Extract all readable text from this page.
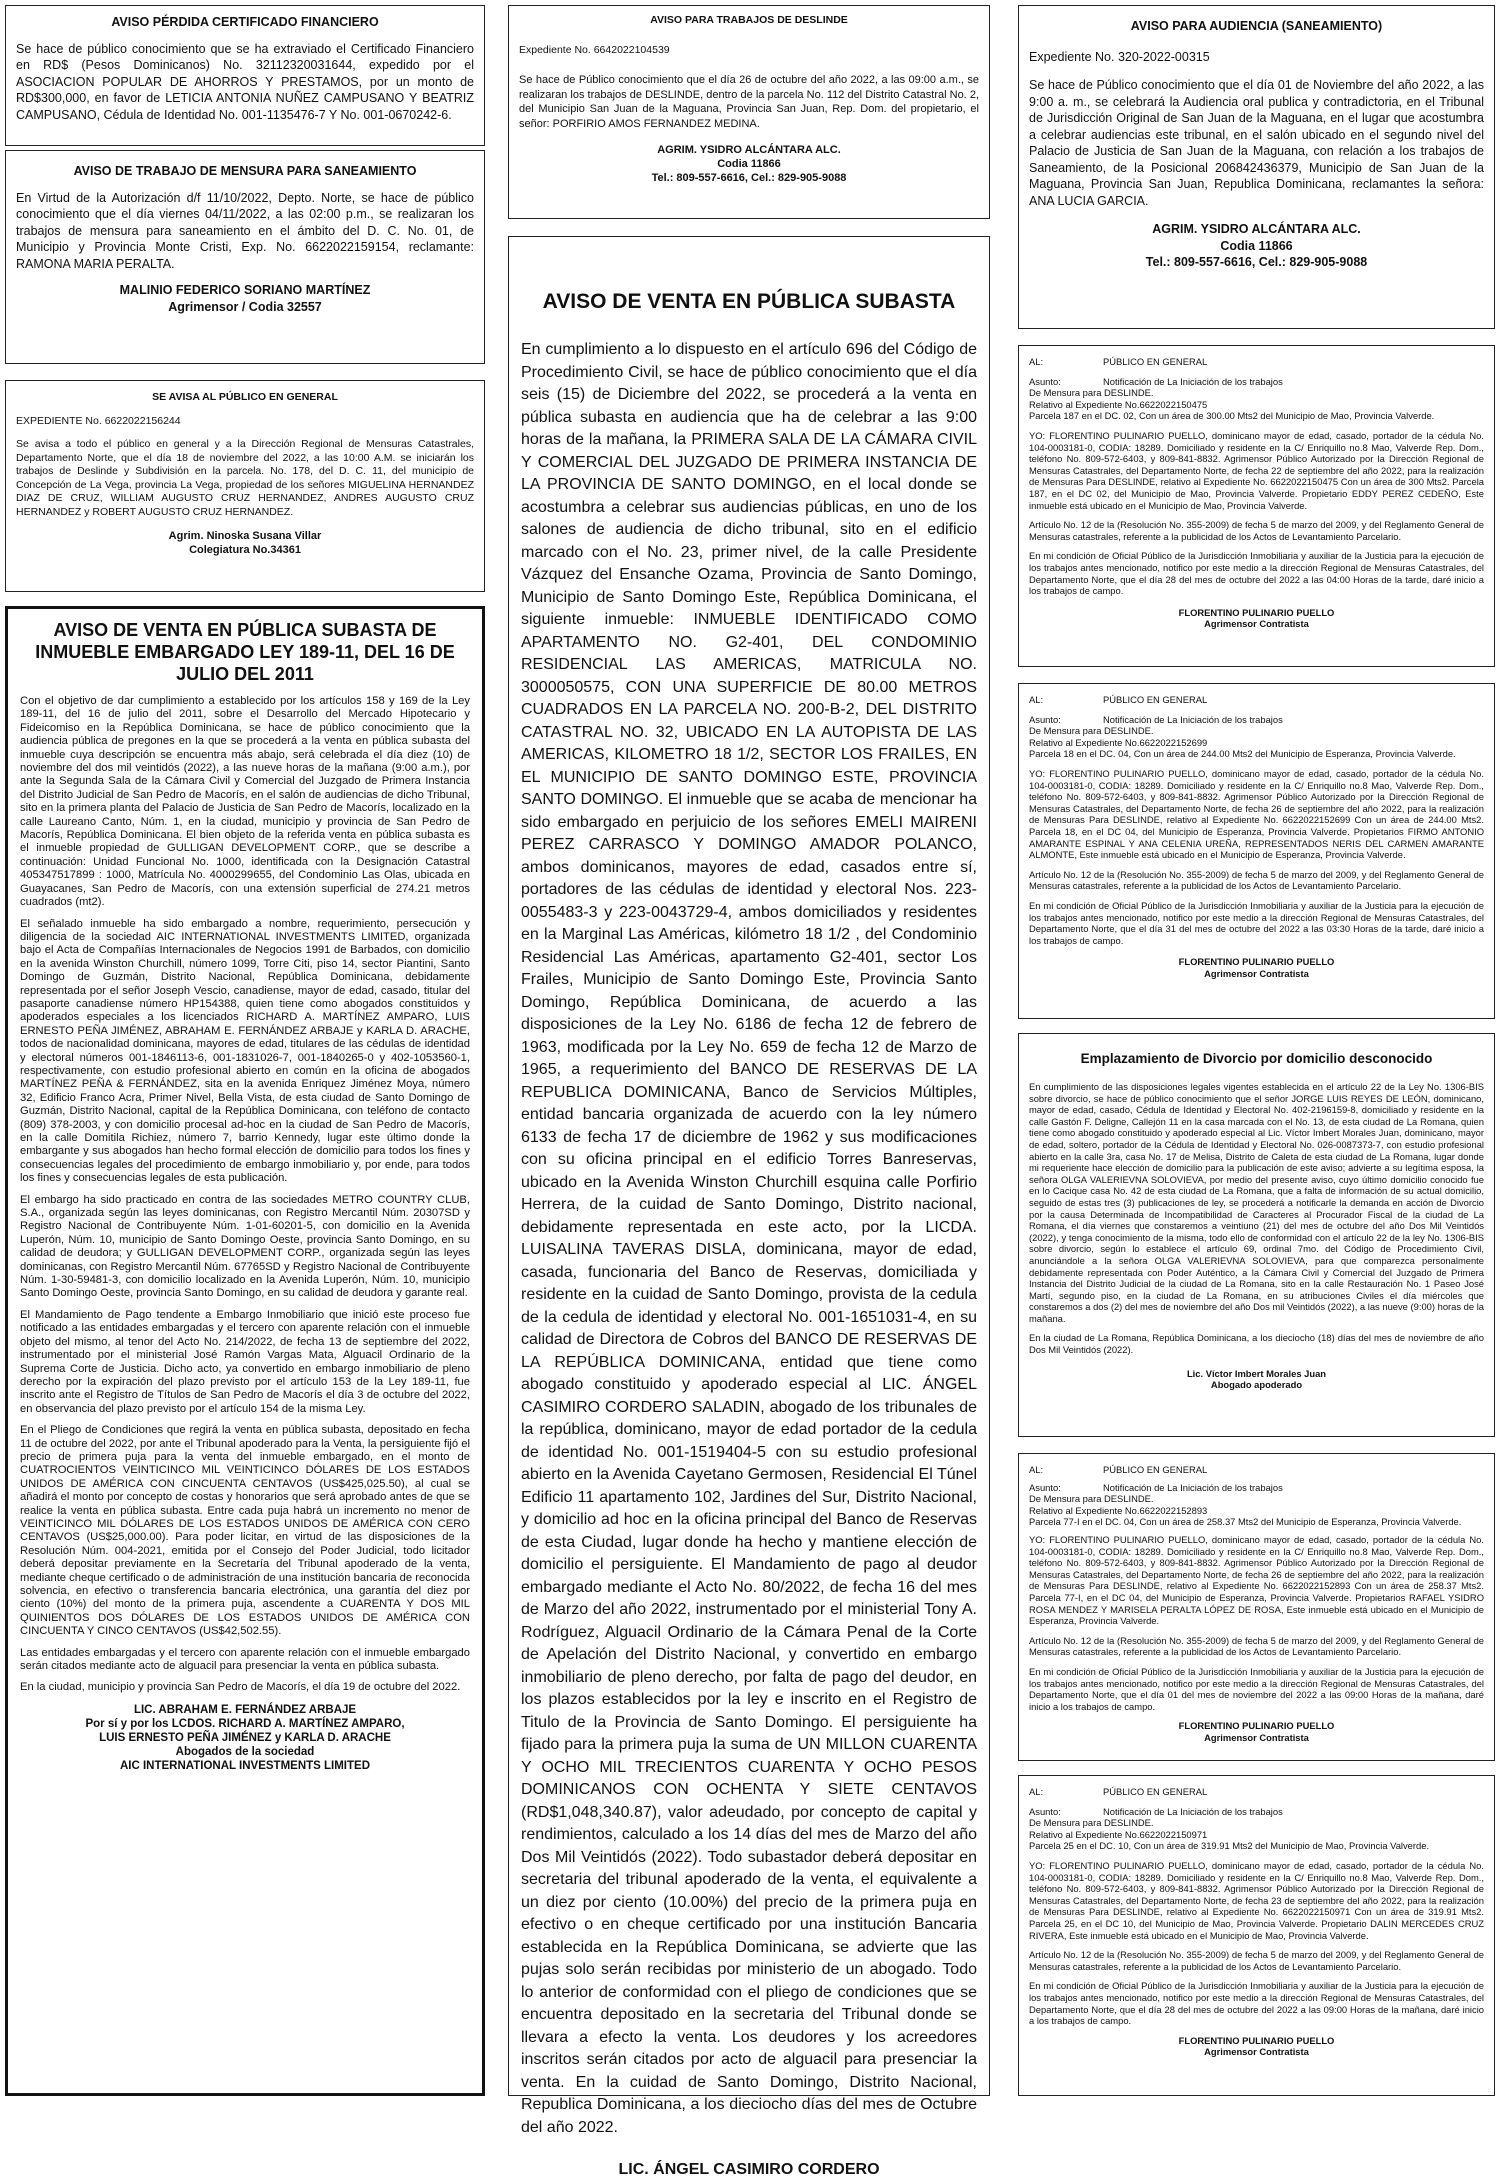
AVISO PÉRDIDA CERTIFICADO FINANCIERO

Se hace de público conocimiento que se ha extraviado el Certificado Financiero en RD$ (Pesos Dominicanos) No. 32112320031644, expedido por el ASOCIACION POPULAR DE AHORROS Y PRESTAMOS, por un monto de RD$300,000, en favor de LETICIA ANTONIA NUÑEZ CAMPUSANO Y BEATRIZ CAMPUSANO, Cédula de Identidad No. 001-1135476-7 Y No. 001-0670242-6.

AVISO DE TRABAJO DE MENSURA PARA SANEAMIENTO

En Virtud de la Autorización d/f 11/10/2022, Depto. Norte, se hace de público conocimiento que el día viernes 04/11/2022, a las 02:00 p.m., se realizaran los trabajos de mensura para saneamiento en el ámbito del D. C. No. 01, de Municipio y Provincia Monte Cristi, Exp. No. 6622022159154, reclamante: RAMONA MARIA PERALTA.

MALINIO FEDERICO SORIANO MARTÍNEZ
Agrimensor / Codia 32557
SE AVISA AL PÚBLICO EN GENERAL

EXPEDIENTE No. 6622022156244

Se avisa a todo el público en general y a la Dirección Regional de Mensuras Catastrales, Departamento Norte, que el día 18 de noviembre del 2022, a las 10:00 A.M. se iniciarán los trabajos de Deslinde y Subdivisión en la parcela. No. 178, del D. C. 11, del municipio de Concepción de La Vega, provincia La Vega, propiedad de los señores MIGUELINA HERNANDEZ DIAZ DE CRUZ, WILLIAM AUGUSTO CRUZ HERNANDEZ, ANDRES AUGUSTO CRUZ HERNANDEZ y ROBERT AUGUSTO CRUZ HERNANDEZ.

Agrim. Ninoska Susana Villar
Colegiatura No.34361
AVISO DE VENTA EN PÚBLICA SUBASTA DE INMUEBLE EMBARGADO LEY 189-11, DEL 16 DE JULIO DEL 2011

Con el objetivo de dar cumplimiento a establecido por los artículos 158 y 169 de la Ley 189-11, del 16 de julio del 2011, sobre el Desarrollo del Mercado Hipotecario y Fideicomiso en la República Dominicana, se hace de público conocimiento que la audiencia pública de pregones en la que se procederá a la venta en pública subasta del inmueble cuya descripción se encuentra más abajo, será celebrada el día diez (10) de noviembre del dos mil veintidós (2022), a las nueve horas de la mañana (9:00 a.m.), por ante la Segunda Sala de la Cámara Civil y Comercial del Juzgado de Primera Instancia del Distrito Judicial de San Pedro de Macorís, en el salón de audiencias de dicho Tribunal, sito en la primera planta del Palacio de Justicia de San Pedro de Macorís, localizado en la calle Laureano Canto, Núm. 1, en la ciudad, municipio y provincia de San Pedro de Macorís, República Dominicana. El bien objeto de la referida venta en pública subasta es el inmueble propiedad de GULLIGAN DEVELOPMENT CORP., que se describe a continuación: Unidad Funcional No. 1000, identificada con la Designación Catastral 405347517899 : 1000, Matrícula No. 4000299655, del Condominio Las Olas, ubicada en Guayacanes, San Pedro de Macorís, con una extensión superficial de 274.21 metros cuadrados (mt2).

El señalado inmueble ha sido embargado a nombre, requerimiento, persecución y diligencia de la sociedad AIC INTERNATIONAL INVESTMENTS LIMITED, organizada bajo el Acta de Compañías Internacionales de Negocios 1991 de Barbados, con domicilio en la avenida Winston Churchill, número 1099, Torre Citi, piso 14, sector Piantini, Santo Domingo de Guzmán, Distrito Nacional, República Dominicana, debidamente representada por el señor Joseph Vescio, canadiense, mayor de edad, casado, titular del pasaporte canadiense número HP154388, quien tiene como abogados constituidos y apoderados especiales a los licenciados RICHARD A. MARTÍNEZ AMPARO, LUIS ERNESTO PEÑA JIMÉNEZ, ABRAHAM E. FERNÁNDEZ ARBAJE y KARLA D. ARACHE, todos de nacionalidad dominicana, mayores de edad, titulares de las cédulas de identidad y electoral números 001-1846113-6, 001-1831026-7, 001-1840265-0 y 402-1053560-1, respectivamente, con estudio profesional abierto en común en la oficina de abogados MARTÍNEZ PEÑA & FERNÁNDEZ, sita en la avenida Enriquez Jiménez Moya, número 32, Edificio Franco Acra, Primer Nivel, Bella Vista, de esta ciudad de Santo Domingo de Guzmán, Distrito Nacional, capital de la República Dominicana, con teléfono de contacto (809) 378-2003, y con domicilio procesal ad-hoc en la ciudad de San Pedro de Macorís, en la calle Domitila Richiez, número 7, barrio Kennedy, lugar este último donde la embargante y sus abogados han hecho formal elección de domicilio para todos los fines y consecuencias legales del procedimiento de embargo inmobiliario y, por ende, para todos los fines y consecuencias legales de esta publicación.

El embargo ha sido practicado en contra de las sociedades METRO COUNTRY CLUB, S.A., organizada según las leyes dominicanas, con Registro Mercantil Núm. 20307SD y Registro Nacional de Contribuyente Núm. 1-01-60201-5, con domicilio en la Avenida Luperón, Núm. 10, municipio de Santo Domingo Oeste, provincia Santo Domingo, en su calidad de deudora; y GULLIGAN DEVELOPMENT CORP., organizada según las leyes dominicanas, con Registro Mercantil Núm. 67765SD y Registro Nacional de Contribuyente Núm. 1-30-59481-3, con domicilio localizado en la Avenida Luperón, Núm. 10, municipio Santo Domingo Oeste, provincia Santo Domingo, en su calidad de deudora y garante real.

El Mandamiento de Pago tendente a Embargo Inmobiliario que inició este proceso fue notificado a las entidades embargadas y el tercero con aparente relación con el inmueble objeto del mismo, al tenor del Acto No. 214/2022, de fecha 13 de septiembre del 2022, instrumentado por el ministerial José Ramón Vargas Mata, Alguacil Ordinario de la Suprema Corte de Justicia. Dicho acto, ya convertido en embargo inmobiliario de pleno derecho por la expiración del plazo previsto por el artículo 153 de la Ley 189-11, fue inscrito ante el Registro de Títulos de San Pedro de Macorís el día 3 de octubre del 2022, en observancia del plazo previsto por el artículo 154 de la misma Ley.

En el Pliego de Condiciones que regirá la venta en pública subasta, depositado en fecha 11 de octubre del 2022, por ante el Tribunal apoderado para la Venta, la persiguiente fijó el precio de primera puja para la venta del inmueble embargado, en el monto de CUATROCIENTOS VEINTICINCO MIL VEINTICINCO DÓLARES DE LOS ESTADOS UNIDOS DE AMÉRICA CON CINCUENTA CENTAVOS (US$425,025.50), al cual se añadirá el monto por concepto de costas y honorarios que será aprobado antes de que se realice la venta en pública subasta. Entre cada puja habrá un incremento no menor de VEINTICINCO MIL DÓLARES DE LOS ESTADOS UNIDOS DE AMÉRICA CON CERO CENTAVOS (US$25,000.00). Para poder licitar, en virtud de las disposiciones de la Resolución Núm. 004-2021, emitida por el Consejo del Poder Judicial, todo licitador deberá depositar previamente en la Secretaría del Tribunal apoderado de la venta, mediante cheque certificado o de administración de una institución bancaria de reconocida solvencia, en efectivo o transferencia bancaria electrónica, una garantía del diez por ciento (10%) del monto de la primera puja, ascendente a CUARENTA Y DOS MIL QUINIENTOS DOS DÓLARES DE LOS ESTADOS UNIDOS DE AMÉRICA CON CINCUENTA Y CINCO CENTAVOS (US$42,502.55).

Las entidades embargadas y el tercero con aparente relación con el inmueble embargado serán citados mediante acto de alguacil para presenciar la venta en pública subasta.

En la ciudad, municipio y provincia San Pedro de Macorís, el día 19 de octubre del 2022.

LIC. ABRAHAM E. FERNÁNDEZ ARBAJE
Por sí y por los LCDOS. RICHARD A. MARTÍNEZ AMPARO,
LUIS ERNESTO PEÑA JIMÉNEZ y KARLA D. ARACHE
Abogados de la sociedad
AIC INTERNATIONAL INVESTMENTS LIMITED
AVISO PARA TRABAJOS DE DESLINDE

Expediente No. 6642022104539

Se hace de Público conocimiento que el día 26 de octubre del año 2022, a las 09:00 a.m., se realizaran los trabajos de DESLINDE, dentro de la parcela No. 112 del Distrito Catastral No. 2, del Municipio San Juan de la Maguana, Provincia San Juan, Rep. Dom. del propietario, el señor: PORFIRIO AMOS FERNANDEZ MEDINA.

AGRIM. YSIDRO ALCÁNTARA ALC.
Codia 11866
Tel.: 809-557-6616, Cel.: 829-905-9088
AVISO DE VENTA EN PÚBLICA SUBASTA

En cumplimiento a lo dispuesto en el artículo 696 del Código de Procedimiento Civil, se hace de público conocimiento que el día seis (15) de Diciembre del 2022, se procederá a la venta en pública subasta en audiencia que ha de celebrar a las 9:00 horas de la mañana, la PRIMERA SALA DE LA CÁMARA CIVIL Y COMERCIAL DEL JUZGADO DE PRIMERA INSTANCIA DE LA PROVINCIA DE SANTO DOMINGO, en el local donde se acostumbra a celebrar sus audiencias públicas, en uno de los salones de audiencia de dicho tribunal, sito en el edificio marcado con el No. 23, primer nivel, de la calle Presidente Vázquez del Ensanche Ozama, Provincia de Santo Domingo, Municipio de Santo Domingo Este, República Dominicana, el siguiente inmueble: INMUEBLE IDENTIFICADO COMO APARTAMENTO NO. G2-401, DEL CONDOMINIO RESIDENCIAL LAS AMERICAS, MATRICULA NO. 3000050575, CON UNA SUPERFICIE DE 80.00 METROS CUADRADOS EN LA PARCELA NO. 200-B-2, DEL DISTRITO CATASTRAL NO. 32, UBICADO EN LA AUTOPISTA DE LAS AMERICAS, KILOMETRO 18 1/2, SECTOR LOS FRAILES, EN EL MUNICIPIO DE SANTO DOMINGO ESTE, PROVINCIA SANTO DOMINGO. El inmueble que se acaba de mencionar ha sido embargado en perjuicio de los señores EMELI MAIRENI PEREZ CARRASCO Y DOMINGO AMADOR POLANCO, ambos dominicanos, mayores de edad, casados entre sí, portadores de las cédulas de identidad y electoral Nos. 223-0055483-3 y 223-0043729-4, ambos domiciliados y residentes en la Marginal Las Américas, kilómetro 18 1/2 , del Condominio Residencial Las Américas, apartamento G2-401, sector Los Frailes, Municipio de Santo Domingo Este, Provincia Santo Domingo, República Dominicana, de acuerdo a las disposiciones de la Ley No. 6186 de fecha 12 de febrero de 1963, modificada por la Ley No. 659 de fecha 12 de Marzo de 1965, a requerimiento del BANCO DE RESERVAS DE LA REPUBLICA DOMINICANA, Banco de Servicios Múltiples, entidad bancaria organizada de acuerdo con la ley número 6133 de fecha 17 de diciembre de 1962 y sus modificaciones con su oficina principal en el edificio Torres Banreservas, ubicado en la Avenida Winston Churchill esquina calle Porfirio Herrera, de la cuidad de Santo Domingo, Distrito nacional, debidamente representada en este acto, por la LICDA. LUISALINA TAVERAS DISLA, dominicana, mayor de edad, casada, funcionaria del Banco de Reservas, domiciliada y residente en la cuidad de Santo Domingo, provista de la cedula de la cedula de identidad y electoral No. 001-1651031-4, en su calidad de Directora de Cobros del BANCO DE RESERVAS DE LA REPÚBLICA DOMINICANA, entidad que tiene como abogado constituido y apoderado especial al LIC. ÁNGEL CASIMIRO CORDERO SALADIN, abogado de los tribunales de la república, dominicano, mayor de edad portador de la cedula de identidad No. 001-1519404-5 con su estudio profesional abierto en la Avenida Cayetano Germosen, Residencial El Túnel Edificio 11 apartamento 102, Jardines del Sur, Distrito Nacional, y domicilio ad hoc en la oficina principal del Banco de Reservas de esta Ciudad, lugar donde ha hecho y mantiene elección de domicilio el persiguiente. El Mandamiento de pago al deudor embargado mediante el Acto No. 80/2022, de fecha 16 del mes de Marzo del año 2022, instrumentado por el ministerial Tony A. Rodríguez, Alguacil Ordinario de la Cámara Penal de la Corte de Apelación del Distrito Nacional, y convertido en embargo inmobiliario de pleno derecho, por falta de pago del deudor, en los plazos establecidos por la ley e inscrito en el Registro de Titulo de la Provincia de Santo Domingo. El persiguiente ha fijado para la primera puja la suma de UN MILLON CUARENTA Y OCHO MIL TRECIENTOS CUARENTA Y OCHO PESOS DOMINICANOS CON OCHENTA Y SIETE CENTAVOS (RD$1,048,340.87), valor adeudado, por concepto de capital y rendimientos, calculado a los 14 días del mes de Marzo del año Dos Mil Veintidós (2022). Todo subastador deberá depositar en secretaria del tribunal apoderado de la venta, el equivalente a un diez por ciento (10.00%) del precio de la primera puja en efectivo o en cheque certificado por una institución Bancaria establecida en la República Dominicana, se advierte que las pujas solo serán recibidas por ministerio de un abogado. Todo lo anterior de conformidad con el pliego de condiciones que se encuentra depositado en la secretaria del Tribunal donde se llevara a efecto la venta. Los deudores y los acreedores inscritos serán citados por acto de alguacil para presenciar la venta. En la cuidad de Santo Domingo, Distrito Nacional, Republica Dominicana, a los dieciocho días del mes de Octubre del año 2022.

LIC. ÁNGEL CASIMIRO CORDERO
AVISO PARA AUDIENCIA (SANEAMIENTO)

Expediente No. 320-2022-00315

Se hace de Público conocimiento que el día 01 de Noviembre del año 2022, a las 9:00 a. m., se celebrará la Audiencia oral publica y contradictoria, en el Tribunal de Jurisdicción Original de San Juan de la Maguana, en el lugar que acostumbra a celebrar audiencias este tribunal, en el salón ubicado en el segundo nivel del Palacio de Justicia de San Juan de la Maguana, con relación a los trabajos de Saneamiento, de la Posicional 206842436379, Municipio de San Juan de la Maguana, Provincia San Juan, Republica Dominicana, reclamantes la señora: ANA LUCIA GARCIA.

AGRIM. YSIDRO ALCÁNTARA ALC.
Codia 11866
Tel.: 809-557-6616, Cel.: 829-905-9088
AL:	PÚBLICO EN GENERAL
Asunto:	Notificación de La Iniciación de los trabajos
De Mensura para DESLINDE.
Relativo al Expediente No.6622022150475
Parcela 187 en el DC. 02, Con un área de 300.00 Mts2 del Municipio de Mao, Provincia Valverde.

YO: FLORENTINO PULINARIO PUELLO, dominicano mayor de edad, casado, portador de la cédula No. 104-0003181-0, CODIA: 18289. Domiciliado y residente en la C/ Enriquillo no.8 Mao, Valverde Rep. Dom., teléfono No. 809-572-6403, y 809-841-8832. Agrimensor Público Autorizado por la Dirección Regional de Mensuras Catastrales, del Departamento Norte, de fecha 22 de septiembre del año 2022, para la realización de Mensuras Para DESLINDE, relativo al Expediente No. 6622022150475 Con un área de 300 Mts2. Parcela 187, en el DC 02, del Municipio de Mao, Provincia Valverde. Propietario EDDY PEREZ CEDEÑO, Este inmueble está ubicado en el Municipio de Mao, Provincia Valverde.

Artículo No. 12 de la (Resolución No. 355-2009) de fecha 5 de marzo del 2009, y del Reglamento General de Mensuras catastrales, referente a la publicidad de los Actos de Levantamiento Parcelario.

En mi condición de Oficial Público de la Jurisdicción Inmobiliaria y auxiliar de la Justicia para la ejecución de los trabajos antes mencionado, notifico por este medio a la dirección Regional de Mensuras Catastrales, del Departamento Norte, que el día 28 del mes de octubre del 2022 a las 04:00 Horas de la tarde, daré inicio a los trabajos de campo.

FLORENTINO PULINARIO PUELLO
Agrimensor Contratista
AL:	PÚBLICO EN GENERAL
Asunto:	Notificación de La Iniciación de los trabajos
De Mensura para DESLINDE.
Relativo al Expediente No.6622022152699
Parcela 18 en el DC. 04, Con un área de 244.00 Mts2 del Municipio de Esperanza, Provincia Valverde.

YO: FLORENTINO PULINARIO PUELLO, dominicano mayor de edad, casado, portador de la cédula No. 104-0003181-0, CODIA: 18289. Domiciliado y residente en la C/ Enriquillo no.8 Mao, Valverde Rep. Dom., teléfono No. 809-572-6403, y 809-841-8832. Agrimensor Público Autorizado por la Dirección Regional de Mensuras Catastrales, del Departamento Norte, de fecha 26 de septiembre del año 2022, para la realización de Mensuras Para DESLINDE, relativo al Expediente No. 6622022152699 Con un área de 244.00 Mts2. Parcela 18, en el DC 04, del Municipio de Esperanza, Provincia Valverde. Propietarios FIRMO ANTONIO AMARANTE ESPINAL Y ANA CELENIA UREÑA, REPRESENTADOS NERIS DEL CARMEN AMARANTE ALMONTE, Este inmueble está ubicado en el Municipio de Esperanza, Provincia Valverde.

Artículo No. 12 de la (Resolución No. 355-2009) de fecha 5 de marzo del 2009, y del Reglamento General de Mensuras catastrales, referente a la publicidad de los Actos de Levantamiento Parcelario.

En mi condición de Oficial Público de la Jurisdicción Inmobiliaria y auxiliar de la Justicia para la ejecución de los trabajos antes mencionado, notifico por este medio a la dirección Regional de Mensuras Catastrales, del Departamento Norte, que el día 31 del mes de octubre del 2022 a las 03:30 Horas de la tarde, daré inicio a los trabajos de campo.

FLORENTINO PULINARIO PUELLO
Agrimensor Contratista
Emplazamiento de Divorcio por domicilio desconocido

En cumplimiento de las disposiciones legales vigentes establecida en el artículo 22 de la Ley No. 1306-BIS sobre divorcio, se hace de público conocimiento que el señor JORGE LUIS REYES DE LEÓN, dominicano, mayor de edad, casado, Cédula de Identidad y Electoral No. 402-2196159-8, domiciliado y residente en la calle Gastón F. Deligne, Callejón 11 en la casa marcada con el No. 13, de esta ciudad de La Romana, quien tiene como abogado constituido y apoderado especial al Lic. Víctor Imbert Morales Juan, dominicano, mayor de edad, soltero, portador de la Cédula de Identidad y Electoral No. 026-0087373-7, con estudio profesional abierto en la calle 3ra, casa No. 17 de Melisa, Distrito de Caleta de esta ciudad de La Romana, lugar donde mi requeriente hace elección de domicilio para la publicación de este aviso; advierte a su legítima esposa, la señora OLGA VALERIEVNA SOLOVIEVA, por medio del presente aviso, cuyo último domicilio conocido fue en lo Cacique casa No. 42 de esta ciudad de La Romana, que a falta de información de su actual domicilio, seguido de estas tres (3) publicaciones de ley, se procederá a notificarle la demanda en acción de Divorcio por la causa Determinada de Incompatibilidad de Caracteres al Procurador Fiscal de la ciudad de La Romana, el día viernes que constaremos a veintiuno (21) del mes de octubre del año Dos Mil Veintidós (2022), y tenga conocimiento de la misma, todo ello de conformidad con el artículo 22 de la ley No. 1306-BIS sobre divorcio, según lo establece el artículo 69, ordinal 7mo. del Código de Procedimiento Civil, anunciándole a la señora OLGA VALERIEVNA SOLOVIEVA, para que comparezca personalmente debidamente representada con Poder Auténtico, a la Cámara Civil y Comercial del Juzgado de Primera Instancia del Distrito Judicial de la ciudad de La Romana, sito en la calle Restauración No. 1 Paseo José Martí, segundo piso, en la ciudad de La Romana, en su atribuciones Civiles el día miércoles que constaremos a dos (2) del mes de noviembre del año Dos mil Veintidós (2022), a las nueve (9:00) horas de la mañana.

En la ciudad de La Romana, República Dominicana, a los dieciocho (18) días del mes de noviembre de año Dos Mil Veintidós (2022).

Lic. Víctor Imbert Morales Juan
Abogado apoderado
AL:	PÚBLICO EN GENERAL
Asunto:	Notificación de La Iniciación de los trabajos
De Mensura para DESLINDE.
Relativo al Expediente No.6622022152893
Parcela 77-I en el DC. 04, Con un área de 258.37 Mts2 del Municipio de Esperanza, Provincia Valverde.

YO: FLORENTINO PULINARIO PUELLO, dominicano mayor de edad, casado, portador de la cédula No. 104-0003181-0, CODIA: 18289. Domiciliado y residente en la C/ Enriquillo no.8 Mao, Valverde Rep. Dom., teléfono No. 809-572-6403, y 809-841-8832. Agrimensor Público Autorizado por la Dirección Regional de Mensuras Catastrales, del Departamento Norte, de fecha 26 de septiembre del año 2022, para la realización de Mensuras Para DESLINDE, relativo al Expediente No. 6622022152893 Con un área de 258.37 Mts2. Parcela 77-I, en el DC 04, del Municipio de Esperanza, Provincia Valverde. Propietarios RAFAEL YSIDRO ROSA MENDEZ Y MARISELA PERALTA LÓPEZ DE ROSA, Este inmueble está ubicado en el Municipio de Esperanza, Provincia Valverde.

Artículo No. 12 de la (Resolución No. 355-2009) de fecha 5 de marzo del 2009, y del Reglamento General de Mensuras catastrales, referente a la publicidad de los Actos de Levantamiento Parcelario.

En mi condición de Oficial Público de la Jurisdicción Inmobiliaria y auxiliar de la Justicia para la ejecución de los trabajos antes mencionado, notifico por este medio a la dirección Regional de Mensuras Catastrales, del Departamento Norte, que el día 01 del mes de noviembre del 2022 a las 09:00 Horas de la mañana, daré inicio a los trabajos de campo.

FLORENTINO PULINARIO PUELLO
Agrimensor Contratista
AL:	PÚBLICO EN GENERAL
Asunto:	Notificación de La Iniciación de los trabajos
De Mensura para DESLINDE.
Relativo al Expediente No.6622022150971
Parcela 25 en el DC. 10, Con un área de 319.91 Mts2 del Municipio de Mao, Provincia Valverde.

YO: FLORENTINO PULINARIO PUELLO, dominicano mayor de edad, casado, portador de la cédula No. 104-0003181-0, CODIA: 18289. Domiciliado y residente en la C/ Enriquillo no.8 Mao, Valverde Rep. Dom., teléfono No. 809-572-6403, y 809-841-8832. Agrimensor Público Autorizado por la Dirección Regional de Mensuras Catastrales, del Departamento Norte, de fecha 23 de septiembre del año 2022, para la realización de Mensuras Para DESLINDE, relativo al Expediente No. 6622022150971 Con un área de 319.91 Mts2. Parcela 25, en el DC 10, del Municipio de Mao, Provincia Valverde. Propietario DALIN MERCEDES CRUZ RIVERA, Este inmueble está ubicado en el Municipio de Mao, Provincia Valverde.

Artículo No. 12 de la (Resolución No. 355-2009) de fecha 5 de marzo del 2009, y del Reglamento General de Mensuras catastrales, referente a la publicidad de los Actos de Levantamiento Parcelario.

En mi condición de Oficial Público de la Jurisdicción Inmobiliaria y auxiliar de la Justicia para la ejecución de los trabajos antes mencionado, notifico por este medio a la dirección Regional de Mensuras Catastrales, del Departamento Norte, que el día 28 del mes de octubre del 2022 a las 09:00 Horas de la mañana, daré inicio a los trabajos de campo.

FLORENTINO PULINARIO PUELLO
Agrimensor Contratista
